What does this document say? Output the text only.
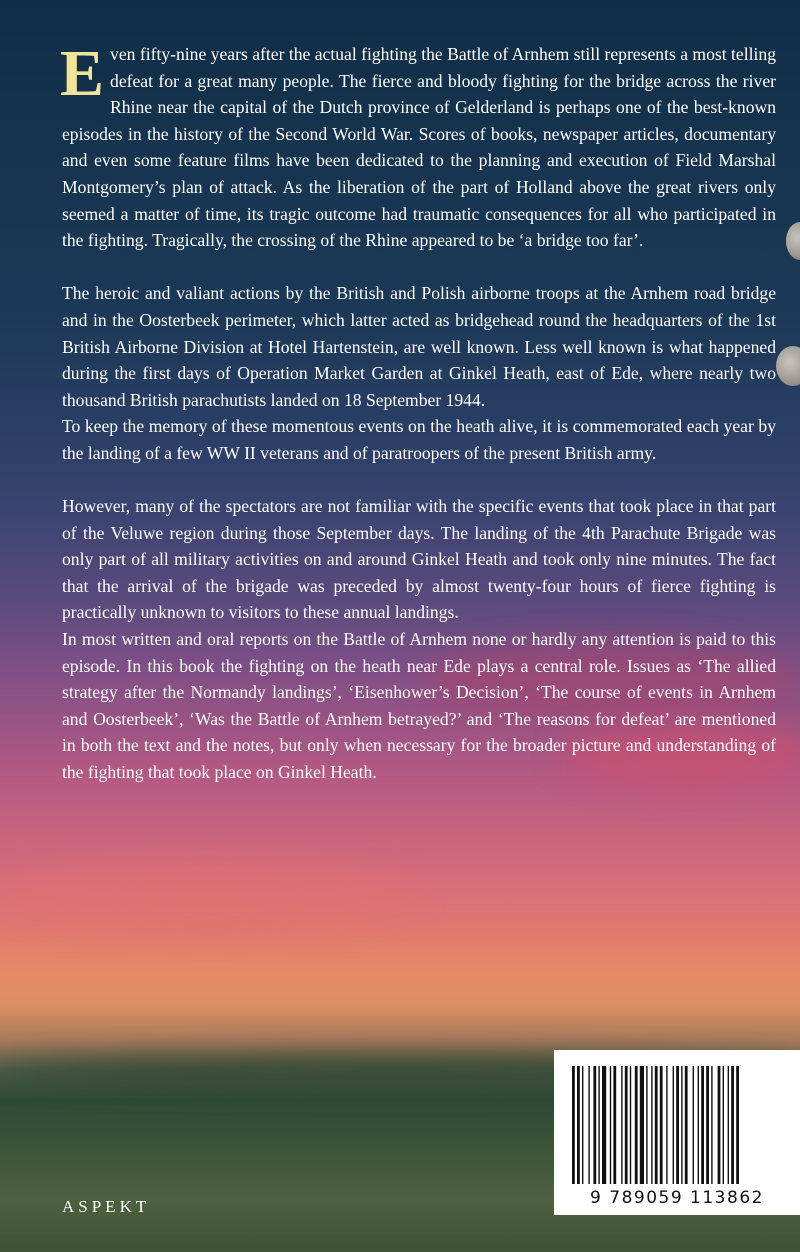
Even fifty-nine years after the actual fighting the Battle of Arnhem still represents a most telling defeat for a great many people. The fierce and bloody fighting for the bridge across the river Rhine near the capital of the Dutch province of Gelderland is perhaps one of the best-known episodes in the history of the Second World War. Scores of books, newspaper articles, documentary and even some feature films have been dedicated to the planning and execution of Field Marshal Montgomery’s plan of attack. As the liberation of the part of Holland above the great rivers only seemed a matter of time, its tragic outcome had traumatic consequences for all who participated in the fighting. Tragically, the crossing of the Rhine appeared to be ‘a bridge too far’.

The heroic and valiant actions by the British and Polish airborne troops at the Arnhem road bridge and in the Oosterbeek perimeter, which latter acted as bridgehead round the headquarters of the 1st British Airborne Division at Hotel Hartenstein, are well known. Less well known is what happened during the first days of Operation Market Garden at Ginkel Heath, east of Ede, where nearly two thousand British parachutists landed on 18 September 1944.

To keep the memory of these momentous events on the heath alive, it is commemorated each year by the landing of a few WW II veterans and of paratroopers of the present British army.

However, many of the spectators are not familiar with the specific events that took place in that part of the Veluwe region during those September days. The landing of the 4th Parachute Brigade was only part of all military activities on and around Ginkel Heath and took only nine minutes. The fact that the arrival of the brigade was preceded by almost twenty-four hours of fierce fighting is practically unknown to visitors to these annual landings.

In most written and oral reports on the Battle of Arnhem none or hardly any attention is paid to this episode. In this book the fighting on the heath near Ede plays a central role. Issues as ‘The allied strategy after the Normandy landings’, ‘Eisenhower’s Decision’, ‘The course of events in Arnhem and Oosterbeek’, ‘Was the Battle of Arnhem betrayed?’ and ‘The reasons for defeat’ are mentioned in both the text and the notes, but only when necessary for the broader picture and understanding of the fighting that took place on Ginkel Heath.

9 789059 113862
ASPEKT
